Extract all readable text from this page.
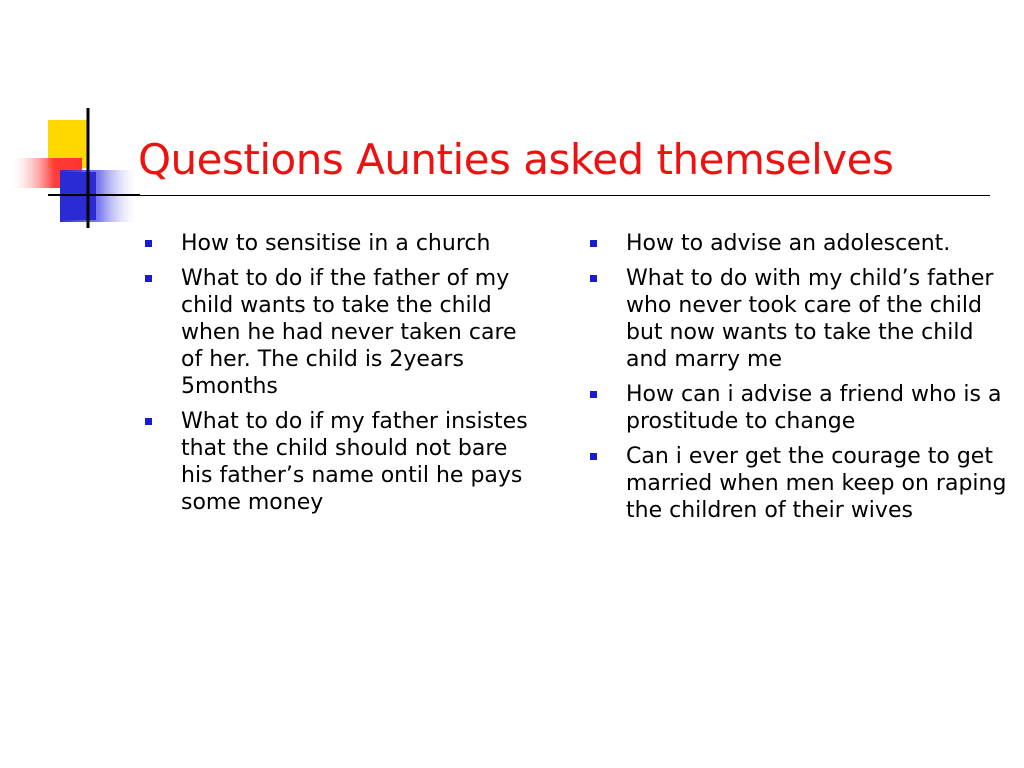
Questions Aunties asked themselves
How to sensitise in a church
What to do if the father of my child wants to take the child when he had never taken care of her. The child is 2years 5months
What to do if my father insistes that the child should not bare his father’s name ontil he pays some money
How to advise an adolescent.
What to do with my child’s father who never took care of the child but now wants to take the child and marry me
How can i advise a friend who is a prostitude to change
Can i ever get the courage to get married when men keep on raping the children of their wives
